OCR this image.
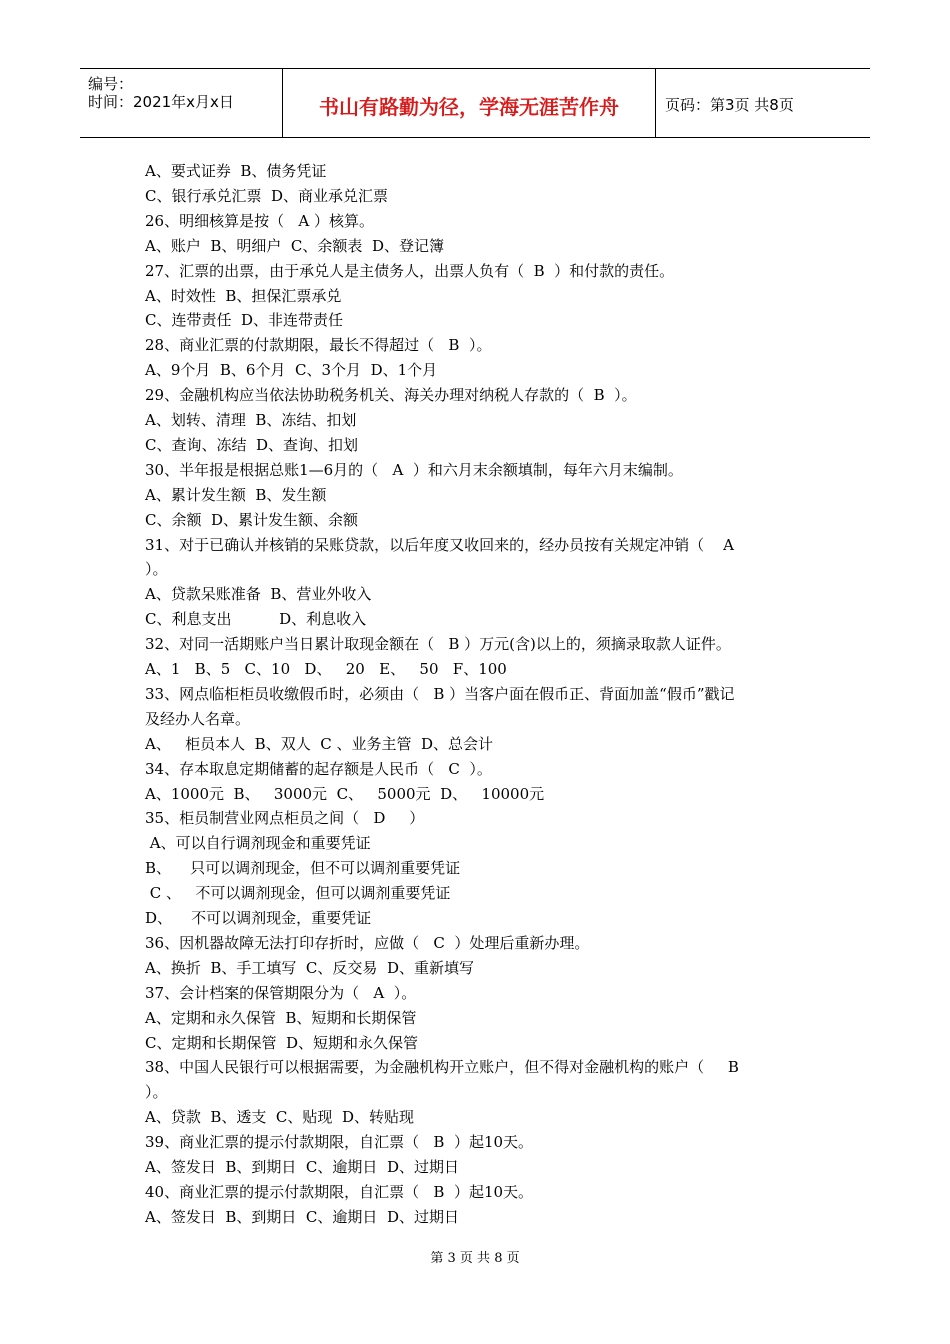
编号：
时间：2021年x月x日	书山有路勤为径，学海无涯苦作舟	页码：第3页 共8页
A、要式证券  B、债务凭证
C、银行承兑汇票  D、商业承兑汇票
26、明细核算是按（   A ）核算。
A、账户  B、明细户  C、余额表  D、登记簿
27、汇票的出票，由于承兑人是主债务人，出票人负有（  B  ）和付款的责任。
A、时效性  B、担保汇票承兑
C、连带责任  D、非连带责任
28、商业汇票的付款期限，最长不得超过（   B  ）。
A、9个月  B、6个月  C、3个月  D、1个月
29、金融机构应当依法协助税务机关、海关办理对纳税人存款的（  B  ）。
A、划转、清理  B、冻结、扣划
C、查询、冻结  D、查询、扣划
30、半年报是根据总账1—6月的（   A  ）和六月末余额填制，每年六月末编制。
A、累计发生额  B、发生额
C、余额  D、累计发生额、余额
31、对于已确认并核销的呆账贷款，以后年度又收回来的，经办员按有关规定冲销（    A
）。
A、贷款呆账准备  B、营业外收入
C、利息支出          D、利息收入
32、对同一活期账户当日累计取现金额在（   B ）万元(含)以上的，须摘录取款人证件。
A、1   B、5   C、10   D、   20   E、   50   F、100
33、网点临柜柜员收缴假币时，必须由（   B ）当客户面在假币正、背面加盖“假币”戳记
及经办人名章。
A、   柜员本人  B、双人  C 、业务主管  D、总会计
34、存本取息定期储蓄的起存额是人民币（   C  ）。
A、1000元  B、   3000元  C、   5000元  D、   10000元
35、柜员制营业网点柜员之间（   D     ）
A、可以自行调剂现金和重要凭证
B、    只可以调剂现金，但不可以调剂重要凭证
C 、   不可以调剂现金，但可以调剂重要凭证
D、    不可以调剂现金，重要凭证
36、因机器故障无法打印存折时，应做（   C  ）处理后重新办理。
A、换折  B、手工填写  C、反交易  D、重新填写
37、会计档案的保管期限分为（   A  ）。
A、定期和永久保管  B、短期和长期保管
C、定期和长期保管  D、短期和永久保管
38、中国人民银行可以根据需要，为金融机构开立账户，但不得对金融机构的账户（     B
）。
A、贷款  B、透支  C、贴现  D、转贴现
39、商业汇票的提示付款期限，自汇票（   B  ）起10天。
A、签发日  B、到期日  C、逾期日  D、过期日
40、商业汇票的提示付款期限，自汇票（   B  ）起10天。
A、签发日  B、到期日  C、逾期日  D、过期日
第 3 页 共 8 页
